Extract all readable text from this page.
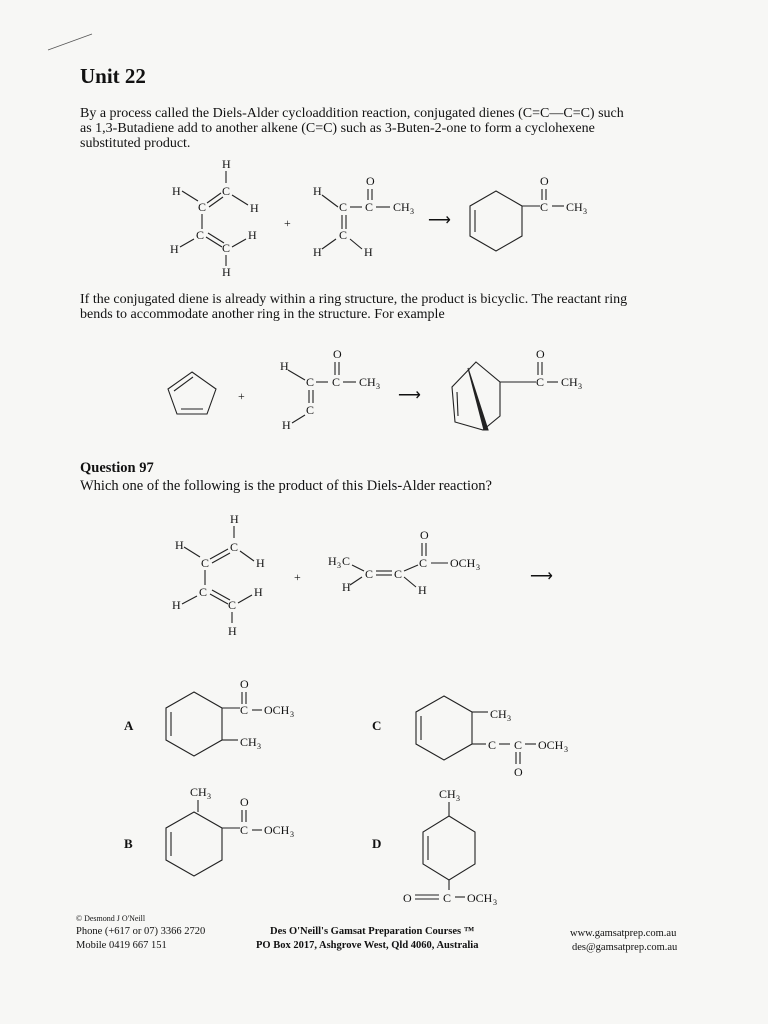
Unit 22
By a process called the Diels-Alder cycloaddition reaction, conjugated dienes (C=C—C=C) such
as 1,3-Butadiene add to another alkene (C=C) such as 3-Buten-2-one to form a cyclohexene
substituted product.
H
C
H
C	H
C
C
H
H
H
+
H
C C
O
CH 3
C
H	H
⟶
C
O
CH 3
If the conjugated diene is already within a ring structure, the product is bicyclic. The reactant ring
bends to accommodate another ring in the structure. For example
+
H
C C
O
CH 3
C
H
⟶
C
O
CH 3
Question 97
Which one of the following is the product of this Diels-Alder reaction?
H
C
H
C	H
C
C
H
H
H
+
H 3 C
C C
H	H
C
O
OCH 3
⟶
A
C
O
OCH 3
CH 3
C
CH 3
C C
O
OCH 3
B
CH 3
C
O
OCH 3
D
CH 3
O	C OCH 3
© Desmond J O'Neill
Phone (+617 or 07) 3366 2720
Mobile 0419 667 151
Des O'Neill's Gamsat Preparation Courses ™
PO Box 2017, Ashgrove West, Qld 4060, Australia
www.gamsatprep.com.au
des@gamsatprep.com.au
